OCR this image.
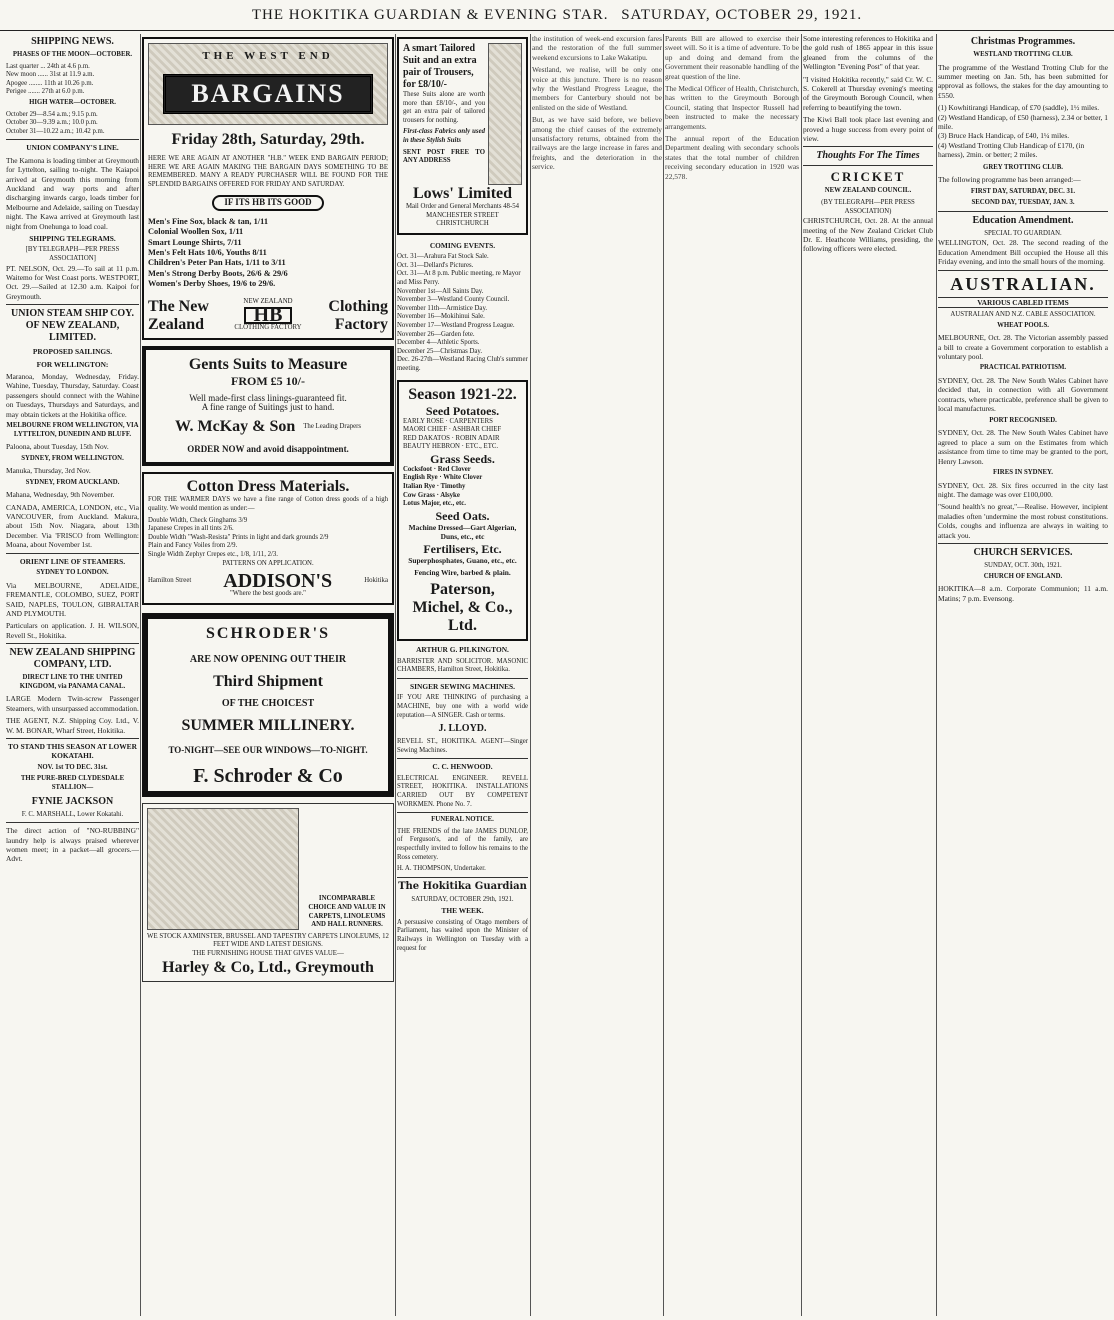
THE HOKITIKA GUARDIAN & EVENING STAR. SATURDAY, OCTOBER 29, 1921.
SHIPPING NEWS.
PHASES OF THE MOON—OCTOBER.
Last quarter ... 24th at 4.6 p.m.
New moon ...... 31st at 11.9 a.m.
Apogee ........ 11th at 10.26 p.m.
Perigee ....... 27th at 6.0 p.m.
HIGH WATER—OCTOBER.
October 29—8.54 a.m.; 9.15 p.m.
October 30—9.39 a.m.; 10.0 p.m.
October 31—10.22 a.m.; 10.42 p.m.
UNION COMPANY'S LINE.

The Kamona is loading timber at Greymouth for Lyttelton, sailing to-night. The Kaiapoi arrived at Greymouth this morning from Auckland and way ports and after discharging inwards cargo, loads timber for Melbourne and Adelaide, sailing on Tuesday night. The Kawa arrived at Greymouth last night from Onehunga to load coal.

SHIPPING TELEGRAMS.
[BY TELEGRAPH—PER PRESS ASSOCIATION]

PT. NELSON, Oct. 29.—To sail at 11 p.m. Waitemo for West Coast ports. WESTPORT, Oct. 29.—Sailed at 12.30 a.m. Kaipoi for Greymouth.

UNION STEAM SHIP COY. OF NEW ZEALAND, LIMITED.
PROPOSED SAILINGS.
FOR WELLINGTON:

Maranoa, Monday, Wednesday, Friday. Wahine, Tuesday, Thursday, Saturday. Coast passengers should connect with the Wahine on Tuesdays, Thursdays and Saturdays, and may obtain tickets at the Hokitika office.

MELBOURNE FROM WELLINGTON, VIA LYTTELTON, DUNEDIN AND BLUFF.

Paloona, about Tuesday, 15th Nov.

SYDNEY, FROM WELLINGTON.

Manuka, Thursday, 3rd Nov.

SYDNEY, FROM AUCKLAND.

Mahana, Wednesday, 9th November.

CANADA, AMERICA, LONDON, etc., Via VANCOUVER, from Auckland. Makura, about 15th Nov. Niagara, about 13th December. Via 'FRISCO from Wellington: Moana, about November 1st.

ORIENT LINE OF STEAMERS.
SYDNEY TO LONDON.

Via MELBOURNE, ADELAIDE, FREMANTLE, COLOMBO, SUEZ, PORT SAID, NAPLES, TOULON, GIBRALTAR AND PLYMOUTH.

Particulars on application. J. H. WILSON, Revell St., Hokitika.

NEW ZEALAND SHIPPING COMPANY, LTD.
DIRECT LINE TO THE UNITED KINGDOM, via PANAMA CANAL.

LARGE Modern Twin-screw Passenger Steamers, with unsurpassed accommodation.

THE AGENT, N.Z. Shipping Coy. Ltd., V. W. M. BONAR, Wharf Street, Hokitika.

TO STAND THIS SEASON AT LOWER KOKATAHI.
NOV. 1st TO DEC. 31st.
THE PURE-BRED CLYDESDALE STALLION—
FYNIE JACKSON
F. C. MARSHALL, Lower Kokatahi.

The direct action of "NO-RUBBING" laundry help is always praised wherever women meet; in a packet—all grocers.—Advt.

THE WEST END
BARGAINS
Friday 28th, Saturday, 29th.

HERE WE ARE AGAIN AT ANOTHER "H.B." WEEK END BARGAIN PERIOD; HERE WE ARE AGAIN MAKING THE BARGAIN DAYS SOMETHING TO BE REMEMBERED. MANY A READY PURCHASER WILL BE FOUND FOR THE SPLENDID BARGAINS OFFERED FOR FRIDAY AND SATURDAY.

IF ITS HB ITS GOOD
Men's Fine Sox, black & tan, 1/11
Colonial Woollen Sox, 1/11
Smart Lounge Shirts, 7/11
Men's Felt Hats 10/6, Youths 8/11
Children's Peter Pan Hats, 1/11 to 3/11
Men's Strong Derby Boots, 26/6 & 29/6
Women's Derby Shoes, 19/6 to 29/6.
The New Zealand
NEW ZEALAND
HB
CLOTHING FACTORY
Clothing Factory
Gents Suits to Measure
FROM £5 10/-
Well made-first class linings-guaranteed fit.
A fine range of Suitings just to hand.
W. McKay & Son The Leading Drapers
ORDER NOW and avoid disappointment.
Cotton Dress Materials.

FOR THE WARMER DAYS we have a fine range of Cotton dress goods of a high quality. We would mention as under:—

Double Width, Check Ginghams 3/9
Japanese Crepes in all tints 2/6.
Double Width "Wash-Resista" Prints in light and dark grounds 2/9
Plain and Fancy Voiles from 2/9.
Single Width Zephyr Crepes etc., 1/8, 1/11, 2/3.
PATTERNS ON APPLICATION.
Hamilton Street ADDISON'S	Hokitika
"Where the best goods are."
SCHRODER'S
ARE NOW OPENING OUT THEIR
Third Shipment
OF THE CHOICEST
SUMMER MILLINERY.
TO-NIGHT—SEE OUR WINDOWS—TO-NIGHT.
F. Schroder & Co
INCOMPARABLE CHOICE AND VALUE IN CARPETS, LINOLEUMS AND HALL RUNNERS.
WE STOCK AXMINSTER, BRUSSEL AND TAPESTRY CARPETS LINOLEUMS, 12 FEET WIDE AND LATEST DESIGNS.
THE FURNISHING HOUSE THAT GIVES VALUE—
Harley & Co, Ltd., Greymouth
A smart Tailored Suit and an extra pair of Trousers, for £8/10/-

These Suits alone are worth more than £8/10/-, and you get an extra pair of tailored trousers for nothing.

First-class Fabrics only used in these Stylish Suits

SENT POST FREE TO ANY ADDRESS

Lows' Limited
Mail Order and General Merchants 48-54 MANCHESTER STREET CHRISTCHURCH
COMING EVENTS.
Oct. 31—Arahura Fat Stock Sale.
Oct. 31—Dellard's Pictures.
Oct. 31—At 8 p.m. Public meeting, re Mayor and Miss Perry.
November 1st—All Saints Day.
November 3—Westland County Council.
November 11th—Armistice Day.
November 16—Mokihinui Sale.
November 17—Westland Progress League.
November 26—Garden fete.
December 4—Athletic Sports.
December 25—Christmas Day.
Dec. 26-27th—Westland Racing Club's summer meeting.
Season 1921-22.
Seed Potatoes.
EARLY ROSE · CARPENTERS
MAORI CHIEF · ASHBAR CHIEF
RED DAKATOS · ROBIN ADAIR
BEAUTY HEBRON · ETC., ETC.
Grass Seeds.
Cocksfoot · Red Clover
English Rye · White Clover
Italian Rye · Timothy
Cow Grass · Alsyke
Lotus Major, etc., etc.
Seed Oats.
Machine Dressed—Gart Algerian, Duns, etc., etc
Fertilisers, Etc.
Superphosphates, Guano, etc., etc.
Fencing Wire, barbed & plain.
Paterson, Michel, & Co., Ltd.
ARTHUR G. PILKINGTON.

BARRISTER AND SOLICITOR. MASONIC CHAMBERS, Hamilton Street, Hokitika.

SINGER SEWING MACHINES.

IF YOU ARE THINKING of purchasing a MACHINE, buy one with a world wide reputation—A SINGER. Cash or terms.

J. LLOYD.

REVELL ST., HOKITIKA. AGENT—Singer Sewing Machines.

C. C. HENWOOD.

ELECTRICAL ENGINEER. REVELL STREET, HOKITIKA. INSTALLATIONS CARRIED OUT BY COMPETENT WORKMEN. Phone No. 7.

FUNERAL NOTICE.

THE FRIENDS of the late JAMES DUNLOP, of Ferguson's, and of the family, are respectfully invited to follow his remains to the Ross cemetery.

H. A. THOMPSON, Undertaker.

The Hokitika Guardian
SATURDAY, OCTOBER 29th, 1921.
THE WEEK.

A persuasive consisting of Otago members of Parliament, has waited upon the Minister of Railways in Wellington on Tuesday with a request for

the institution of week-end excursion fares and the restoration of the full summer weekend excursions to Lake Wakatipu.

Westland, we realise, will be only one voice at this juncture. There is no reason why the Westland Progress League, the members for Canterbury should not be enlisted on the side of Westland.

But, as we have said before, we believe among the chief causes of the extremely unsatisfactory returns, obtained from the railways are the large increase in fares and freights, and the deterioration in the service.

Parents Bill are allowed to exercise their sweet will. So it is a time of adventure. To be up and doing and demand from the Government their reasonable handling of the great question of the line.

The Medical Officer of Health, Christchurch, has written to the Greymouth Borough Council, stating that Inspector Russell had been instructed to make the necessary arrangements.

The annual report of the Education Department dealing with secondary schools states that the total number of children receiving secondary education in 1920 was 22,578.

Some interesting references to Hokitika and the gold rush of 1865 appear in this issue gleaned from the columns of the Wellington "Evening Post" of that year.

"I visited Hokitika recently," said Cr. W. C. S. Cokerell at Thursday evening's meeting of the Greymouth Borough Council, when referring to beautifying the town.

The Kiwi Ball took place last evening and proved a huge success from every point of view.

Thoughts For The Times
CRICKET
NEW ZEALAND COUNCIL.
(BY TELEGRAPH—PER PRESS ASSOCIATION)

CHRISTCHURCH, Oct. 28. At the annual meeting of the New Zealand Cricket Club Dr. E. Heathcote Williams, presiding, the following officers were elected.

Christmas Programmes.
WESTLAND TROTTING CLUB.

The programme of the Westland Trotting Club for the summer meeting on Jan. 5th, has been submitted for approval as follows, the stakes for the day amounting to £550.

(1) Kowhitirangi Handicap, of £70 (saddle), 1½ miles.
(2) Westland Handicap, of £50 (harness), 2.34 or better, 1 mile.
(3) Bruce Hack Handicap, of £40, 1¼ miles.
(4) Westland Trotting Club Handicap of £170, (in harness), 2min. or better; 2 miles.
GREY TROTTING CLUB.

The following programme has been arranged:—

FIRST DAY, SATURDAY, DEC. 31.
SECOND DAY, TUESDAY, JAN. 3.
Education Amendment.
SPECIAL TO GUARDIAN.

WELLINGTON, Oct. 28. The second reading of the Education Amendment Bill occupied the House all this Friday evening, and into the small hours of the morning.

AUSTRALIAN.
VARIOUS CABLED ITEMS
AUSTRALIAN AND N.Z. CABLE ASSOCIATION.
WHEAT POOLS.

MELBOURNE, Oct. 28. The Victorian assembly passed a bill to create a Government corporation to establish a voluntary pool.

PRACTICAL PATRIOTISM.

SYDNEY, Oct. 28. The New South Wales Cabinet have decided that, in connection with all Government contracts, where practicable, preference shall be given to local manufactures.

PORT RECOGNISED.

SYDNEY, Oct. 28. The New South Wales Cabinet have agreed to place a sum on the Estimates from which assistance from time to time may be granted to the port, Henry Lawson.

FIRES IN SYDNEY.

SYDNEY, Oct. 28. Six fires occurred in the city last night. The damage was over £100,000.

"Sound health's no great,"—Realise. However, incipient maladies often 'undermine the most robust constitutions. Colds, coughs and influenza are always in waiting to attack you.

CHURCH SERVICES.
SUNDAY, OCT. 30th, 1921.
CHURCH OF ENGLAND.

HOKITIKA—8 a.m. Corporate Communion; 11 a.m. Matins; 7 p.m. Evensong.
